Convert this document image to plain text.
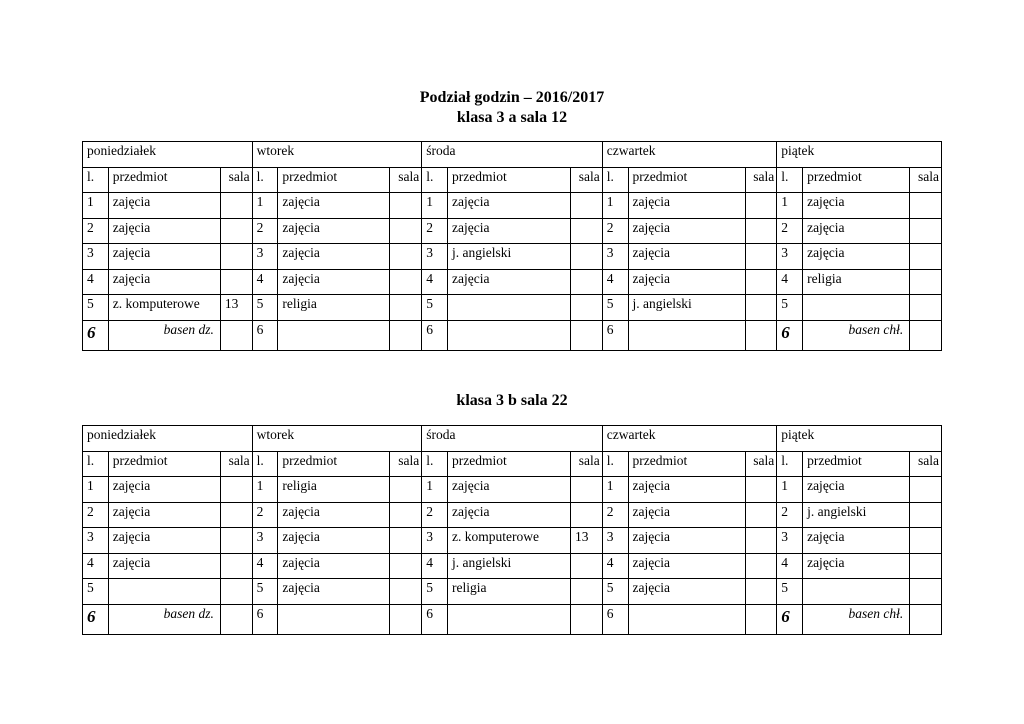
Podział godzin – 2016/2017
klasa 3 a sala 12
poniedziałek			wtorek			środa			czwartek			piątek		
l.	przedmiot	sala	l.	przedmiot	sala	l.	przedmiot	sala	l.	przedmiot	sala	l.	przedmiot	sala
1	zajęcia		1	zajęcia		1	zajęcia		1	zajęcia		1	zajęcia	
2	zajęcia		2	zajęcia		2	zajęcia		2	zajęcia		2	zajęcia	
3	zajęcia		3	zajęcia		3	j. angielski		3	zajęcia		3	zajęcia	
4	zajęcia		4	zajęcia		4	zajęcia		4	zajęcia		4	religia	
5	z. komputerowe	13	5	religia		5			5	j. angielski		5		
6	basen dz.		6			6			6			6	basen chł.	
klasa 3 b sala 22
poniedziałek			wtorek			środa			czwartek			piątek		
l.	przedmiot	sala	l.	przedmiot	sala	l.	przedmiot	sala	l.	przedmiot	sala	l.	przedmiot	sala
1	zajęcia		1	religia		1	zajęcia		1	zajęcia		1	zajęcia	
2	zajęcia		2	zajęcia		2	zajęcia		2	zajęcia		2	j. angielski	
3	zajęcia		3	zajęcia		3	z. komputerowe	13	3	zajęcia		3	zajęcia	
4	zajęcia		4	zajęcia		4	j. angielski		4	zajęcia		4	zajęcia	
5			5	zajęcia		5	religia		5	zajęcia		5		
6	basen dz.		6			6			6			6	basen chł.	
